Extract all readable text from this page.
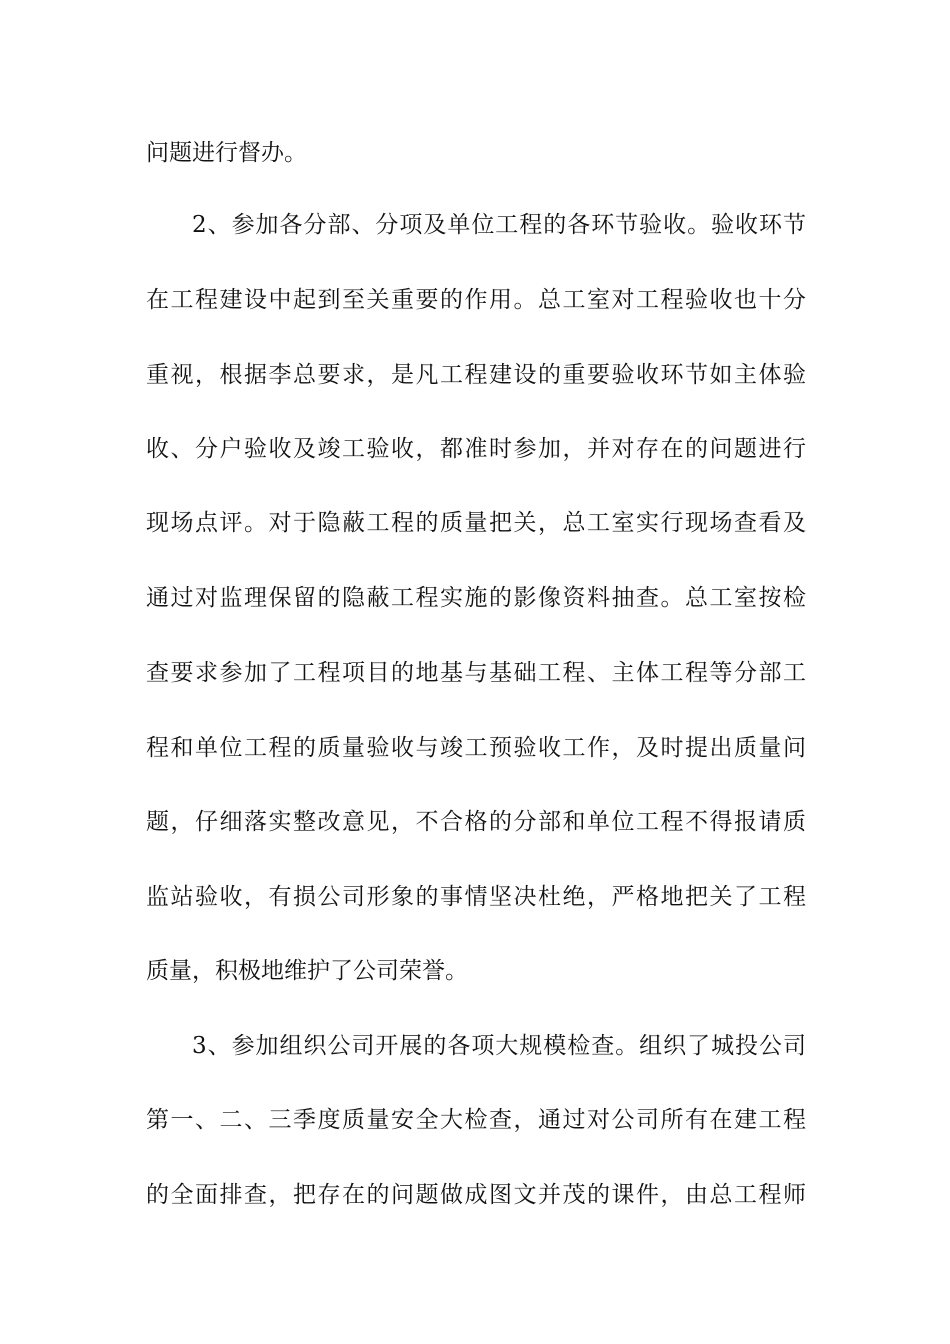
问题进行督办。
2、参加各分部、分项及单位工程的各环节验收。验收环节
在工程建设中起到至关重要的作用。总工室对工程验收也十分
重视，根据李总要求，是凡工程建设的重要验收环节如主体验
收、分户验收及竣工验收，都准时参加，并对存在的问题进行
现场点评。对于隐蔽工程的质量把关，总工室实行现场查看及
通过对监理保留的隐蔽工程实施的影像资料抽查。总工室按检
查要求参加了工程项目的地基与基础工程、主体工程等分部工
程和单位工程的质量验收与竣工预验收工作，及时提出质量问
题，仔细落实整改意见，不合格的分部和单位工程不得报请质
监站验收，有损公司形象的事情坚决杜绝，严格地把关了工程
质量，积极地维护了公司荣誉。
3、参加组织公司开展的各项大规模检查。组织了城投公司
第一、二、三季度质量安全大检查，通过对公司所有在建工程
的全面排查，把存在的问题做成图文并茂的课件，由总工程师
